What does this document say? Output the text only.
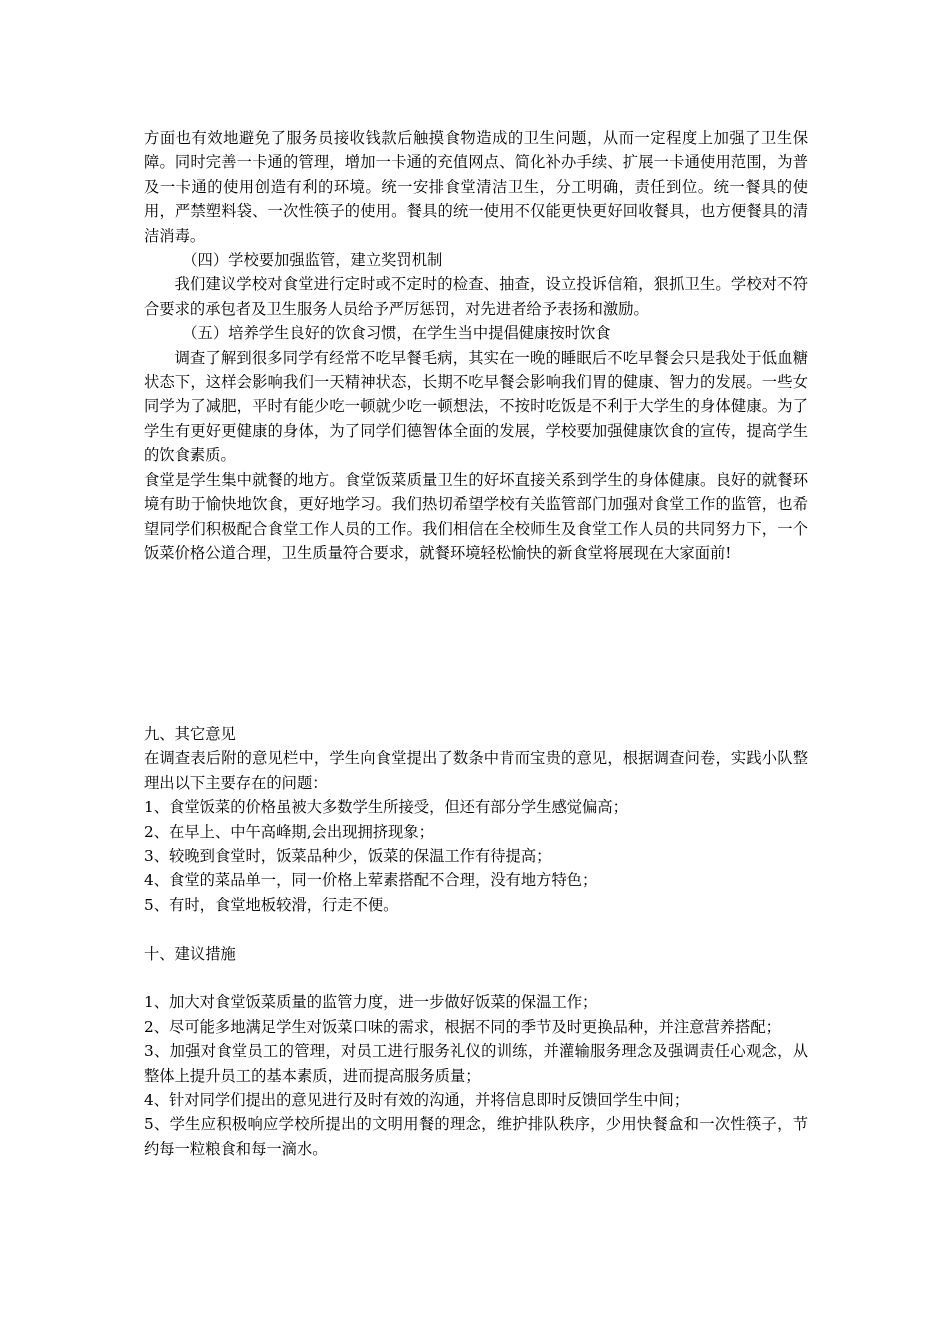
方面也有效地避免了服务员接收钱款后触摸食物造成的卫生问题，从而一定程度上加强了卫生保障。同时完善一卡通的管理，增加一卡通的充值网点、简化补办手续、扩展一卡通使用范围，为普及一卡通的使用创造有利的环境。统一安排食堂清洁卫生，分工明确，责任到位。统一餐具的使用，严禁塑料袋、一次性筷子的使用。餐具的统一使用不仅能更快更好回收餐具，也方便餐具的清洁消毒。

（四）学校要加强监管，建立奖罚机制

我们建议学校对食堂进行定时或不定时的检查、抽查，设立投诉信箱，狠抓卫生。学校对不符合要求的承包者及卫生服务人员给予严厉惩罚，对先进者给予表扬和激励。

（五）培养学生良好的饮食习惯，在学生当中提倡健康按时饮食

调查了解到很多同学有经常不吃早餐毛病，其实在一晚的睡眠后不吃早餐会只是我处于低血糖状态下，这样会影响我们一天精神状态，长期不吃早餐会影响我们胃的健康、智力的发展。一些女同学为了减肥，平时有能少吃一顿就少吃一顿想法，不按时吃饭是不利于大学生的身体健康。为了学生有更好更健康的身体，为了同学们德智体全面的发展，学校要加强健康饮食的宣传，提高学生的饮食素质。

食堂是学生集中就餐的地方。食堂饭菜质量卫生的好坏直接关系到学生的身体健康。良好的就餐环境有助于愉快地饮食，更好地学习。我们热切希望学校有关监管部门加强对食堂工作的监管，也希望同学们积极配合食堂工作人员的工作。我们相信在全校师生及食堂工作人员的共同努力下，一个饭菜价格公道合理，卫生质量符合要求，就餐环境轻松愉快的新食堂将展现在大家面前!

九、其它意见

在调查表后附的意见栏中，学生向食堂提出了数条中肯而宝贵的意见，根据调查问卷，实践小队整理出以下主要存在的问题：

1、食堂饭菜的价格虽被大多数学生所接受，但还有部分学生感觉偏高；

2、在早上、中午高峰期,会出现拥挤现象；

3、较晚到食堂时，饭菜品种少，饭菜的保温工作有待提高；

4、食堂的菜品单一，同一价格上荤素搭配不合理，没有地方特色；

5、有时，食堂地板较滑，行走不便。

十、建议措施

1、加大对食堂饭菜质量的监管力度，进一步做好饭菜的保温工作；

2、尽可能多地满足学生对饭菜口味的需求，根据不同的季节及时更换品种，并注意营养搭配；

3、加强对食堂员工的管理，对员工进行服务礼仪的训练，并灌输服务理念及强调责任心观念，从整体上提升员工的基本素质，进而提高服务质量；

4、针对同学们提出的意见进行及时有效的沟通，并将信息即时反馈回学生中间；

5、学生应积极响应学校所提出的文明用餐的理念，维护排队秩序，少用快餐盒和一次性筷子，节约每一粒粮食和每一滴水。
